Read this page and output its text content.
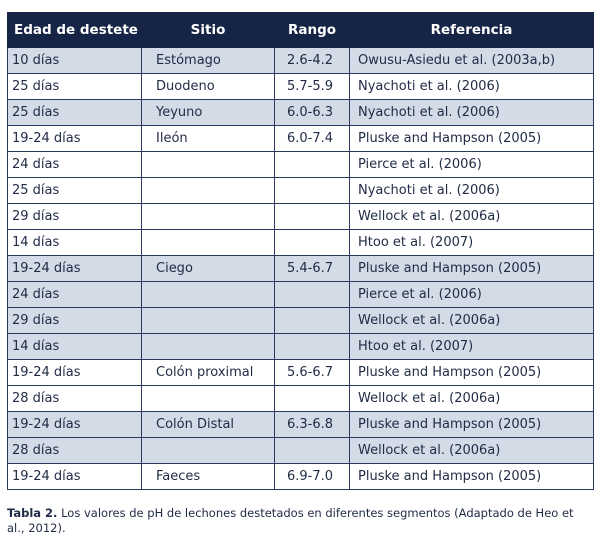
Edad de destete	Sitio	Rango	Referencia
10 días	Estómago	2.6-4.2	Owusu-Asiedu et al. (2003a,b)
25 días	Duodeno	5.7-5.9	Nyachoti et al. (2006)
25 días	Yeyuno	6.0-6.3	Nyachoti et al. (2006)
19-24 días	Ileón	6.0-7.4	Pluske and Hampson (2005)
24 días			Pierce et al. (2006)
25 días			Nyachoti et al. (2006)
29 días			Wellock et al. (2006a)
14 días			Htoo et al. (2007)
19-24 días	Ciego	5.4-6.7	Pluske and Hampson (2005)
24 días			Pierce et al. (2006)
29 días			Wellock et al. (2006a)
14 días			Htoo et al. (2007)
19-24 días	Colón proximal	5.6-6.7	Pluske and Hampson (2005)
28 días			Wellock et al. (2006a)
19-24 días	Colón Distal	6.3-6.8	Pluske and Hampson (2005)
28 días			Wellock et al. (2006a)
19-24 días	Faeces	6.9-7.0	Pluske and Hampson (2005)
Tabla 2. Los valores de pH de lechones destetados en diferentes segmentos (Adaptado de Heo et al., 2012).
